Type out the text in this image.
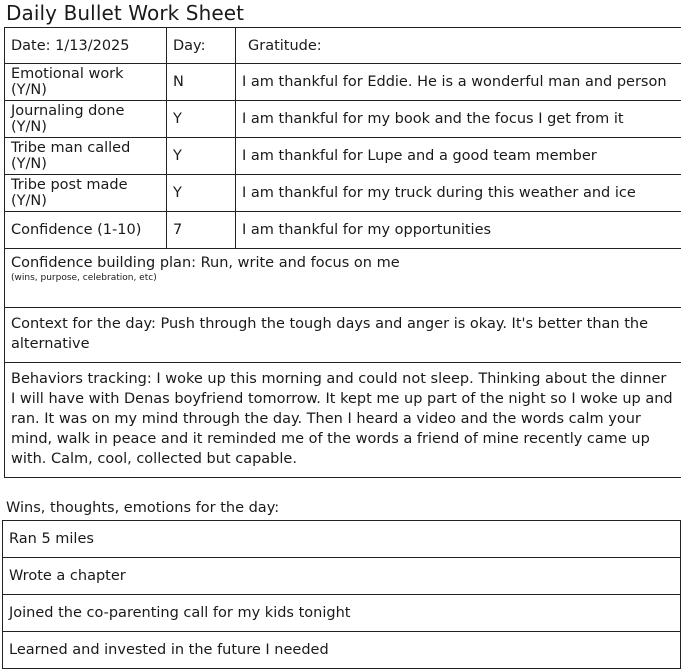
Daily Bullet Work Sheet
Date: 1/13/2025	Day:	Gratitude:
Emotional work (Y/N)	N	I am thankful for Eddie. He is a wonderful man and person
Journaling done (Y/N)	Y	I am thankful for my book and the focus I get from it
Tribe man called (Y/N)	Y	I am thankful for Lupe and a good team member
Tribe post made (Y/N)	Y	I am thankful for my truck during this weather and ice
Confidence (1-10)	7	I am thankful for my opportunities
Confidence building plan: Run, write and focus on me
(wins, purpose, celebration, etc)		

Context for the day: Push through the tough days and anger is okay. It's better than the alternative		
Behaviors tracking: I woke up this morning and could not sleep. Thinking about the dinner I will have with Denas boyfriend tomorrow. It kept me up part of the night so I woke up and ran. It was on my mind through the day. Then I heard a video and the words calm your mind, walk in peace and it reminded me of the words a friend of mine recently came up with. Calm, cool, collected but capable.		
Wins, thoughts, emotions for the day:
Ran 5 miles
Wrote a chapter
Joined the co-parenting call for my kids tonight
Learned and invested in the future I needed
